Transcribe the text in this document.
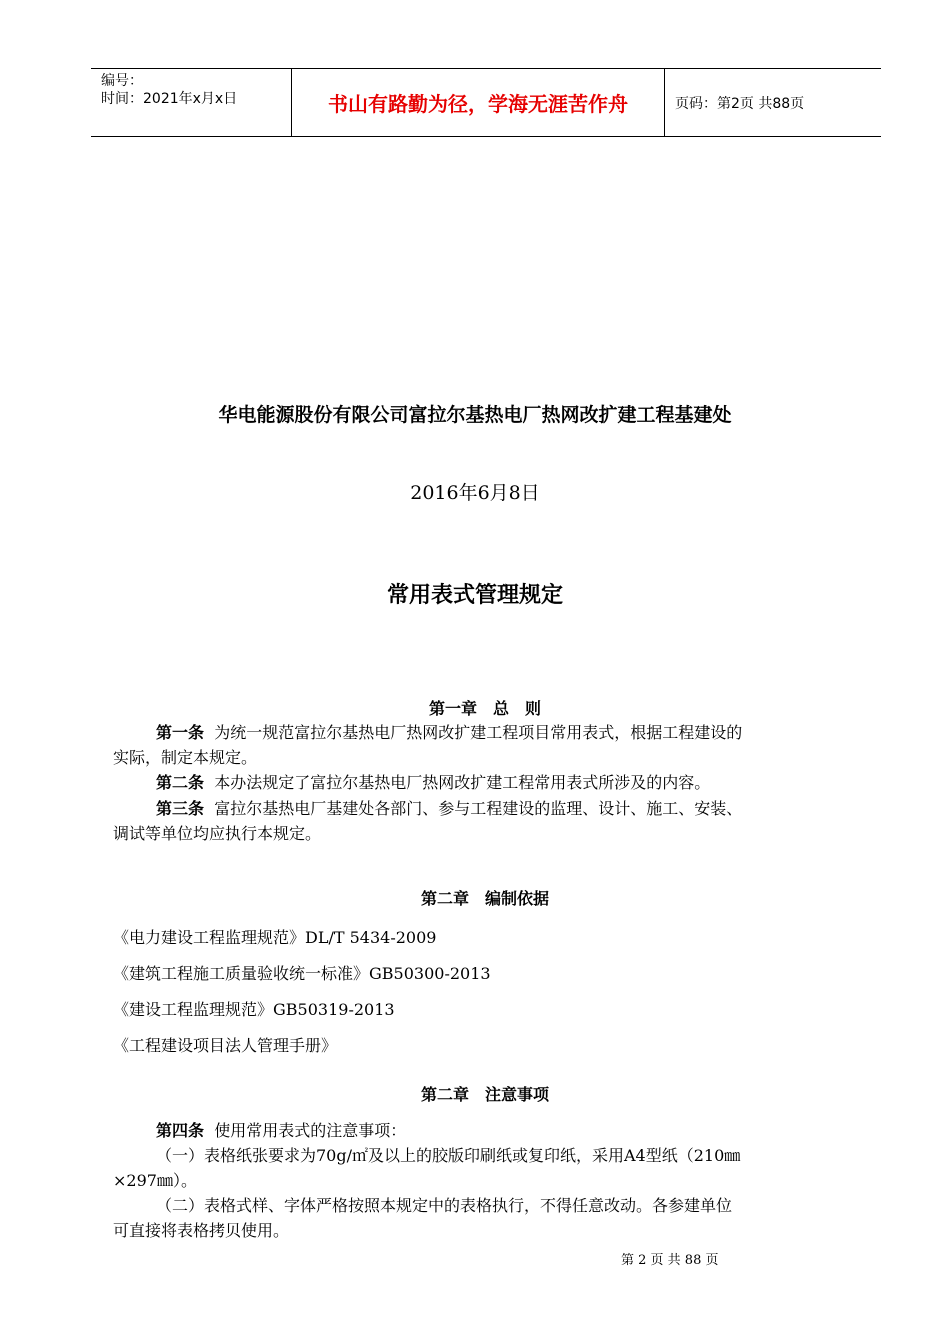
编号：
时间：2021年x月x日	书山有路勤为径，学海无涯苦作舟	页码：第2页 共88页
华电能源股份有限公司富拉尔基热电厂热网改扩建工程基建处
2016年6月8日
常用表式管理规定
第一章　总　则
第一条 为统一规范富拉尔基热电厂热网改扩建工程项目常用表式，根据工程建设的
实际，制定本规定。
第二条 本办法规定了富拉尔基热电厂热网改扩建工程常用表式所涉及的内容。
第三条 富拉尔基热电厂基建处各部门、参与工程建设的监理、设计、施工、安装、
调试等单位均应执行本规定。
第二章　编制依据
《电力建设工程监理规范》DL/T 5434-2009
《建筑工程施工质量验收统一标准》GB50300-2013
《建设工程监理规范》GB50319-2013
《工程建设项目法人管理手册》
第二章　注意事项
第四条 使用常用表式的注意事项：
（一）表格纸张要求为70g/㎡及以上的胶版印刷纸或复印纸，采用A4型纸（210㎜
×297㎜）。
（二）表格式样、字体严格按照本规定中的表格执行，不得任意改动。各参建单位
可直接将表格拷贝使用。
第 2 页 共 88 页
